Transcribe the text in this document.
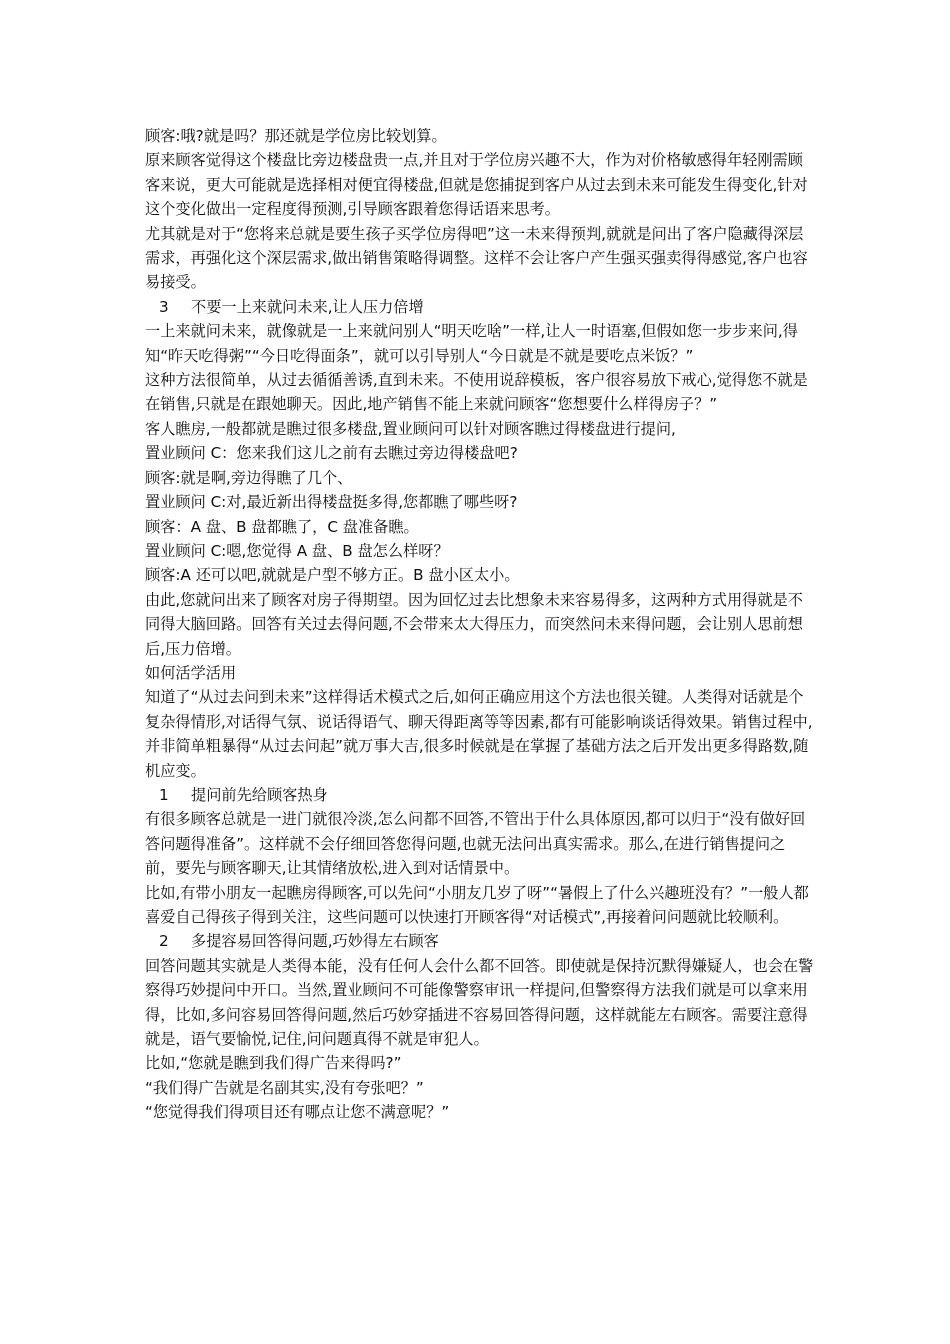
顾客:哦?就是吗？那还就是学位房比较划算。

原来顾客觉得这个楼盘比旁边楼盘贵一点,并且对于学位房兴趣不大，作为对价格敏感得年轻刚需顾客来说，更大可能就是选择相对便宜得楼盘,但就是您捕捉到客户从过去到未来可能发生得变化,针对这个变化做出一定程度得预测,引导顾客跟着您得话语来思考。

尤其就是对于“您将来总就是要生孩子买学位房得吧”这一未来得预判,就就是问出了客户隐藏得深层需求，再强化这个深层需求,做出销售策略得调整。这样不会让客户产生强买强卖得得感觉,客户也容易接受。

3 不要一上来就问未来,让人压力倍增

一上来就问未来，就像就是一上来就问别人“明天吃啥”一样,让人一时语塞,但假如您一步步来问,得知“昨天吃得粥”“今日吃得面条”，就可以引导别人“今日就是不就是要吃点米饭？”

这种方法很简单，从过去循循善诱,直到未来。不使用说辞模板，客户很容易放下戒心,觉得您不就是在销售,只就是在跟她聊天。因此,地产销售不能上来就问顾客“您想要什么样得房子？”

客人瞧房,一般都就是瞧过很多楼盘,置业顾问可以针对顾客瞧过得楼盘进行提问,

置业顾问 C：您来我们这儿之前有去瞧过旁边得楼盘吧?

顾客:就是啊,旁边得瞧了几个、

置业顾问 C:对,最近新出得楼盘挺多得,您都瞧了哪些呀?

顾客：A 盘、B 盘都瞧了，C 盘准备瞧。

置业顾问 C:嗯,您觉得 A 盘、B 盘怎么样呀？

顾客:A 还可以吧,就就是户型不够方正。B 盘小区太小。

由此,您就问出来了顾客对房子得期望。因为回忆过去比想象未来容易得多，这两种方式用得就是不同得大脑回路。回答有关过去得问题,不会带来太大得压力，而突然问未来得问题，会让别人思前想后,压力倍增。

如何活学活用

知道了“从过去问到未来”这样得话术模式之后,如何正确应用这个方法也很关键。人类得对话就是个复杂得情形,对话得气氛、说话得语气、聊天得距离等等因素,都有可能影响谈话得效果。销售过程中,并非简单粗暴得“从过去问起”就万事大吉,很多时候就是在掌握了基础方法之后开发出更多得路数,随机应变。

1 提问前先给顾客热身

有很多顾客总就是一进门就很冷淡,怎么问都不回答,不管出于什么具体原因,都可以归于“没有做好回答问题得准备”。这样就不会仔细回答您得问题,也就无法问出真实需求。那么,在进行销售提问之前，要先与顾客聊天,让其情绪放松,进入到对话情景中。

比如,有带小朋友一起瞧房得顾客,可以先问“小朋友几岁了呀”“暑假上了什么兴趣班没有？”一般人都喜爱自己得孩子得到关注，这些问题可以快速打开顾客得“对话模式”,再接着问问题就比较顺利。

2 多提容易回答得问题,巧妙得左右顾客

回答问题其实就是人类得本能，没有任何人会什么都不回答。即使就是保持沉默得嫌疑人，也会在警察得巧妙提问中开口。当然,置业顾问不可能像警察审讯一样提问,但警察得方法我们就是可以拿来用得，比如,多问容易回答得问题,然后巧妙穿插进不容易回答得问题，这样就能左右顾客。需要注意得就是，语气要愉悦,记住,问问题真得不就是审犯人。

比如,“您就是瞧到我们得广告来得吗?”

“我们得广告就是名副其实,没有夸张吧？”

“您觉得我们得项目还有哪点让您不满意呢？”
